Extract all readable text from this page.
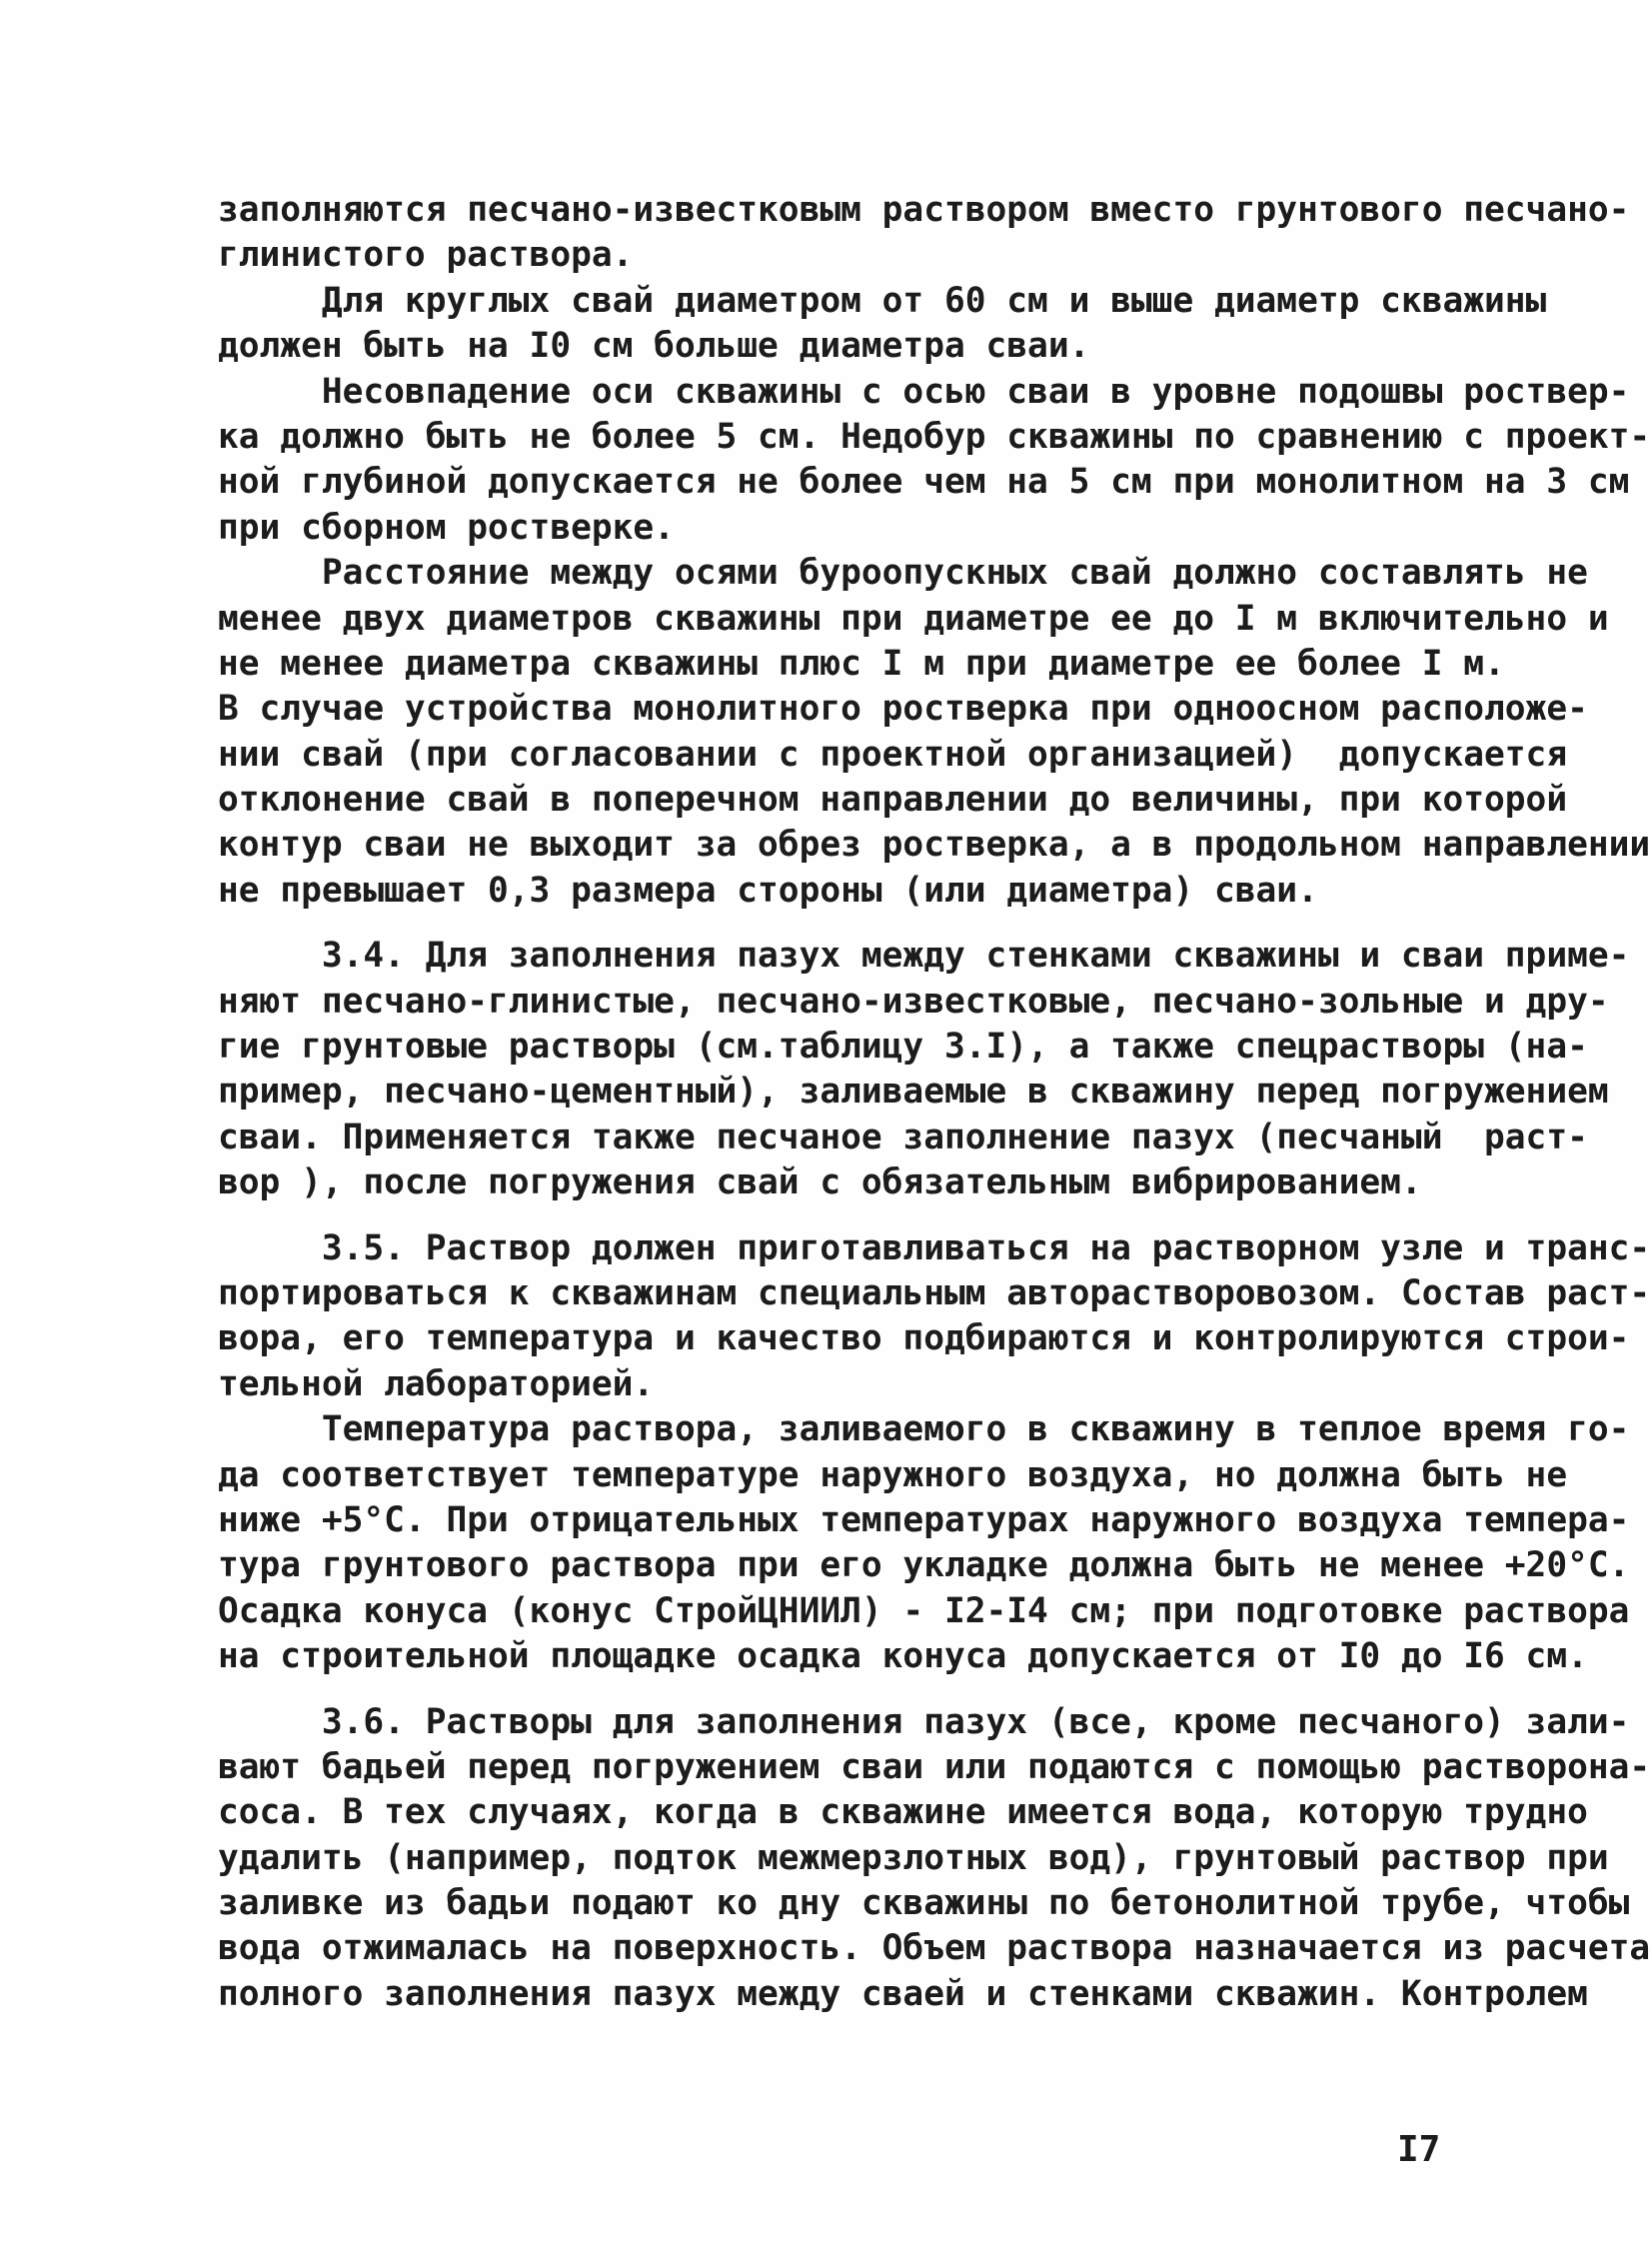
заполняются песчано-известковым раствором вместо грунтового песчано-
глинистого раствора.
Для круглых свай диаметром от 60 см и выше диаметр скважины
должен быть на I0 см больше диаметра сваи.
Несовпадение оси скважины с осью сваи в уровне подошвы роствер-
ка должно быть не более 5 см. Недобур скважины по сравнению с проект-
ной глубиной допускается не более чем на 5 см при монолитном на 3 см
при сборном ростверке.
Расстояние между осями буроопускных свай должно составлять не
менее двух диаметров скважины при диаметре ее до I м включительно и
не менее диаметра скважины плюс I м при диаметре ее более I м.
В случае устройства монолитного ростверка при одноосном расположе-
нии свай (при согласовании с проектной организацией)  допускается
отклонение свай в поперечном направлении до величины, при которой
контур сваи не выходит за обрез ростверка, а в продольном направлении
не превышает 0,3 размера стороны (или диаметра) сваи.
3.4. Для заполнения пазух между стенками скважины и сваи приме-
няют песчано-глинистые, песчано-известковые, песчано-зольные и дру-
гие грунтовые растворы (см.таблицу 3.I), а также спецрастворы (на-
пример, песчано-цементный), заливаемые в скважину перед погружением
сваи. Применяется также песчаное заполнение пазух (песчаный  раст-
вор ), после погружения свай с обязательным вибрированием.
3.5. Раствор должен приготавливаться на растворном узле и транс-
портироваться к скважинам специальным авторастворовозом. Состав раст-
вора, его температура и качество подбираются и контролируются строи-
тельной лабораторией.
Температура раствора, заливаемого в скважину в теплое время го-
да соответствует температуре наружного воздуха, но должна быть не
ниже +5°С. При отрицательных температурах наружного воздуха темпера-
тура грунтового раствора при его укладке должна быть не менее +20°С.
Осадка конуса (конус СтройЦНИИЛ) - I2-I4 см; при подготовке раствора
на строительной площадке осадка конуса допускается от I0 до I6 см.
3.6. Растворы для заполнения пазух (все, кроме песчаного) зали-
вают бадьей перед погружением сваи или подаются с помощью растворона-
соса. В тех случаях, когда в скважине имеется вода, которую трудно
удалить (например, подток межмерзлотных вод), грунтовый раствор при
заливке из бадьи подают ко дну скважины по бетонолитной трубе, чтобы
вода отжималась на поверхность. Объем раствора назначается из расчета
полного заполнения пазух между сваей и стенками скважин. Контролем
I7
